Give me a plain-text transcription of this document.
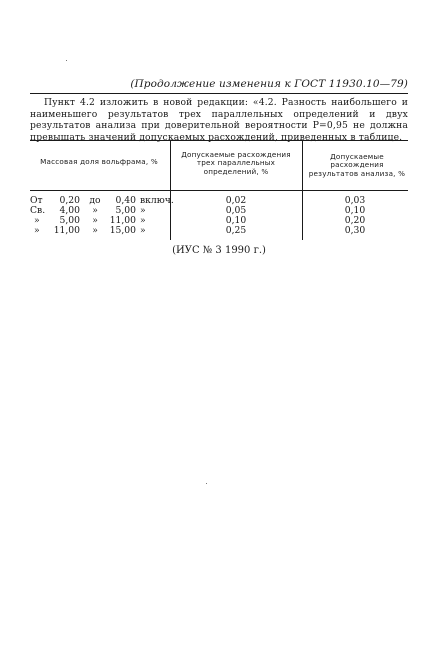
(Продолжение изменения к ГОСТ 11930.10—79)
Пункт 4.2 изложить в новой редакции: «4.2. Разность наибольшего и наименьшего результатов трех параллельных определений и двух результатов анализа при доверительной вероятности P=0,95 не должна превышать значений допускаемых расхождений, приведенных в таблице.
Массовая доля вольфрама, %
Допускаемые расхождения трех параллельных определений, %
Допускаемые расхождения результатов анализа, %
От	0,20	до	0,40 включ.	0,02	0,03
Св.	4,00	»	5,00 »	0,05	0,10
»	5,00	»	11,00 »	0,10	0,20
»	11,00	»	15,00 »	0,25	0,30
(ИУС № 3 1990 г.)
